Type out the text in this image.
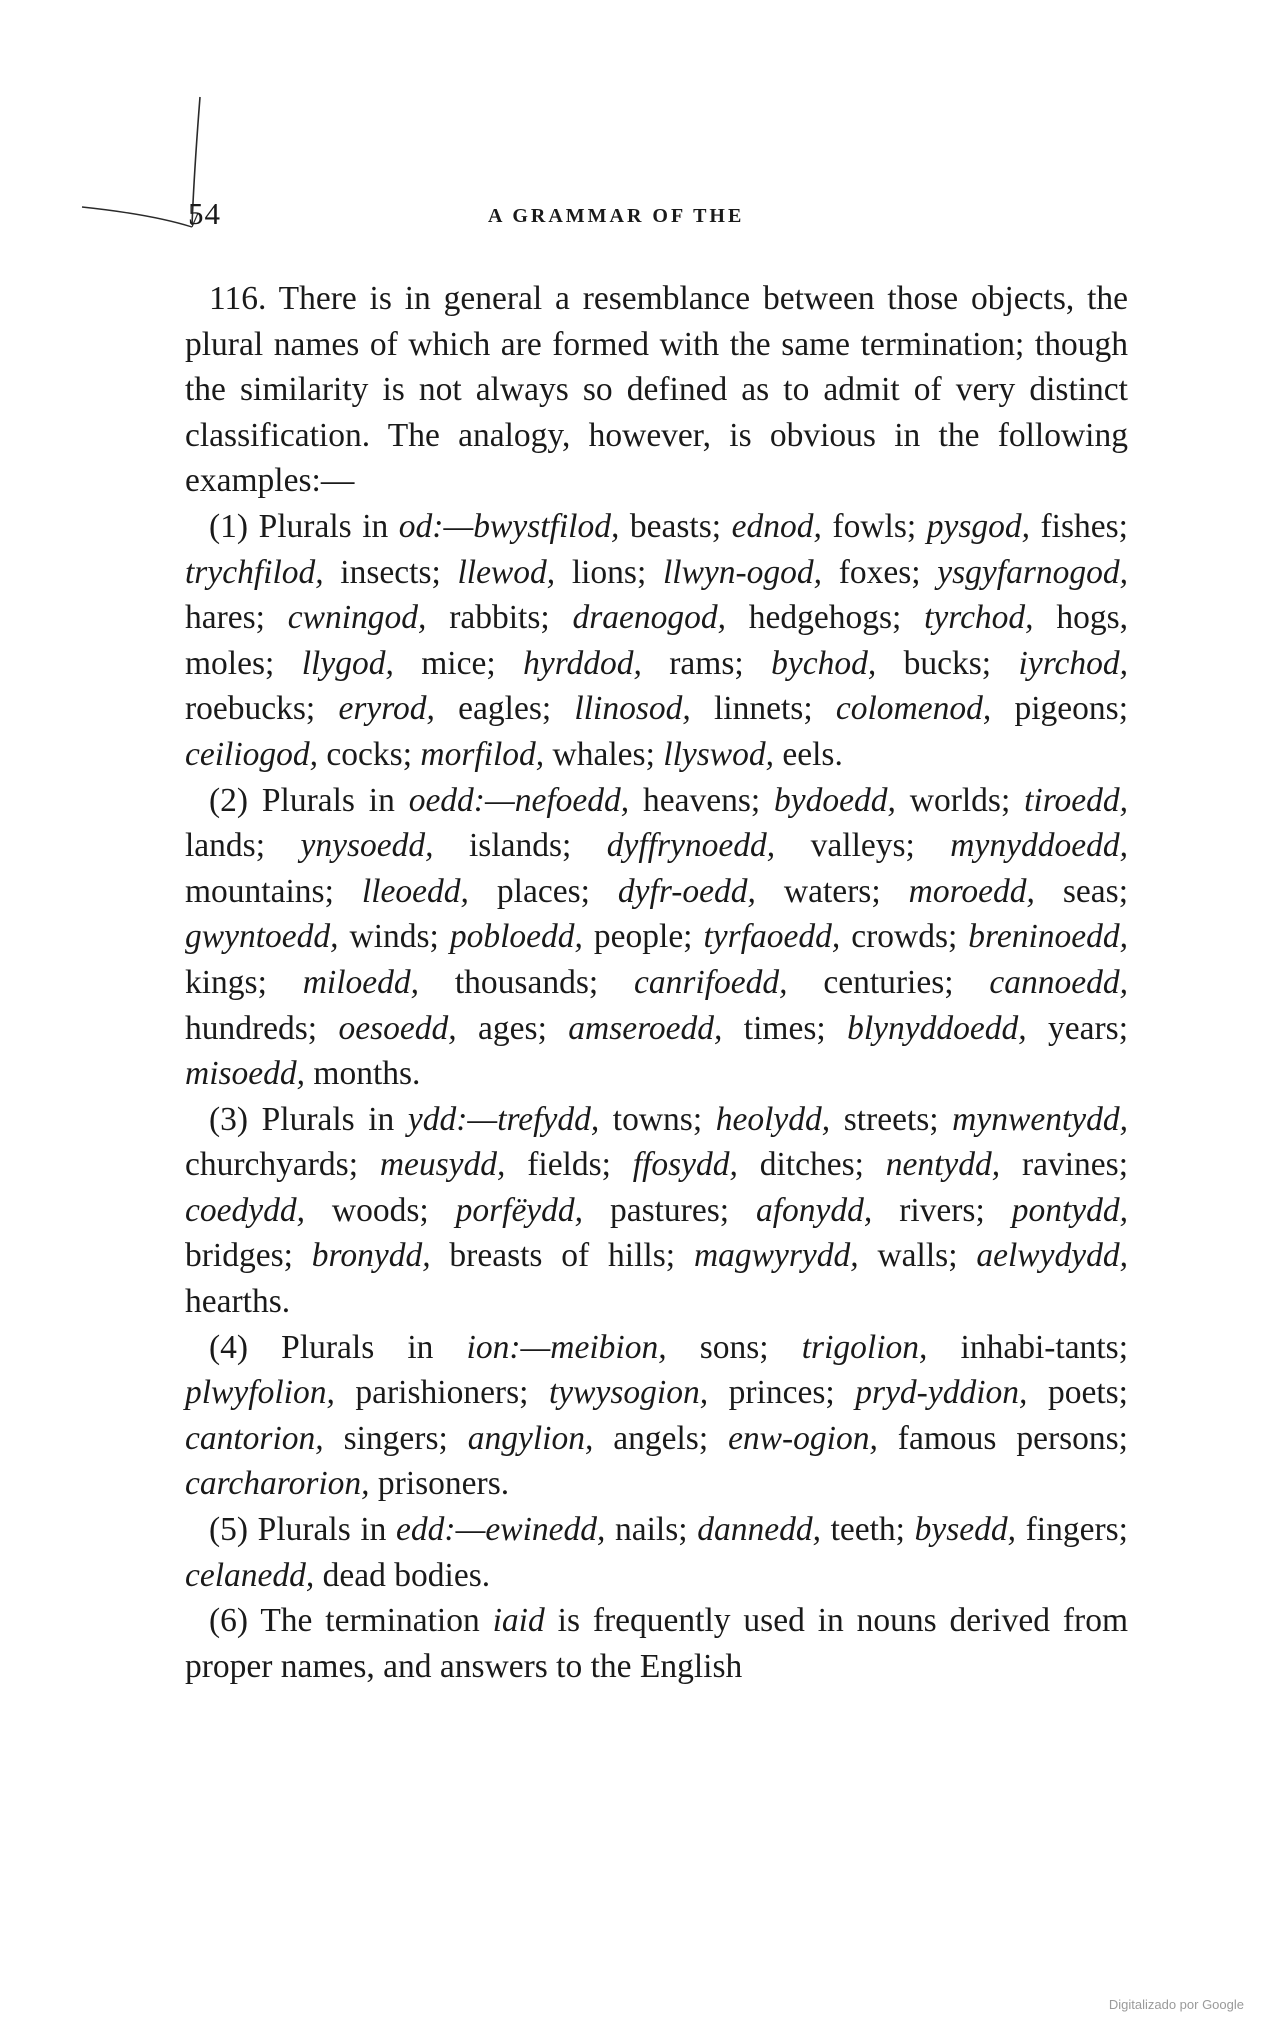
54	A GRAMMAR OF THE

116. There is in general a resemblance between those objects, the plural names of which are formed with the same termination; though the similarity is not always so defined as to admit of very distinct classification. The analogy, however, is obvious in the following examples:—

(1) Plurals in od:—bwystfilod, beasts; ednod, fowls; pysgod, fishes; trychfilod, insects; llewod, lions; llwyn-ogod, foxes; ysgyfarnogod, hares; cwningod, rabbits; draenogod, hedgehogs; tyrchod, hogs, moles; llygod, mice; hyrddod, rams; bychod, bucks; iyrchod, roebucks; eryrod, eagles; llinosod, linnets; colomenod, pigeons; ceiliogod, cocks; morfilod, whales; llyswod, eels.

(2) Plurals in oedd:—nefoedd, heavens; bydoedd, worlds; tiroedd, lands; ynysoedd, islands; dyffrynoedd, valleys; mynyddoedd, mountains; lleoedd, places; dyfr-oedd, waters; moroedd, seas; gwyntoedd, winds; pobloedd, people; tyrfaoedd, crowds; breninoedd, kings; miloedd, thousands; canrifoedd, centuries; cannoedd, hundreds; oesoedd, ages; amseroedd, times; blynyddoedd, years; misoedd, months.

(3) Plurals in ydd:—trefydd, towns; heolydd, streets; mynwentydd, churchyards; meusydd, fields; ffosydd, ditches; nentydd, ravines; coedydd, woods; porfëydd, pastures; afonydd, rivers; pontydd, bridges; bronydd, breasts of hills; magwyrydd, walls; aelwydydd, hearths.

(4) Plurals in ion:—meibion, sons; trigolion, inhabi-tants; plwyfolion, parishioners; tywysogion, princes; pryd-yddion, poets; cantorion, singers; angylion, angels; enw-ogion, famous persons; carcharorion, prisoners.

(5) Plurals in edd:—ewinedd, nails; dannedd, teeth; bysedd, fingers; celanedd, dead bodies.

(6) The termination iaid is frequently used in nouns derived from proper names, and answers to the English

Digitalizado por Google
